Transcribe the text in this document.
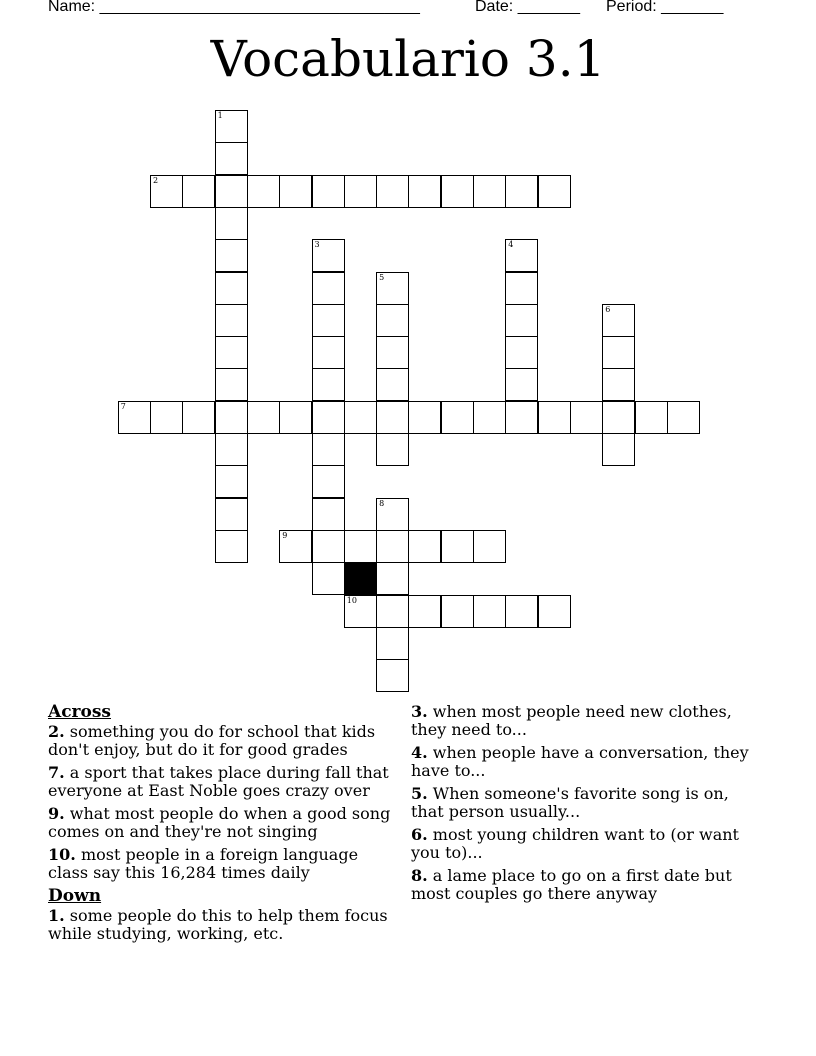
Name: ____________________________________	Date: _______ Period: _______
Vocabulario 3.1
1
2
3	4
5
6
7
8
9
10
Across
2. something you do for school that kids don't enjoy, but do it for good grades
7. a sport that takes place during fall that everyone at East Noble goes crazy over
9. what most people do when a good song comes on and they're not singing
10. most people in a foreign language class say this 16,284 times daily
Down
1. some people do this to help them focus while studying, working, etc.
3. when most people need new clothes, they need to...
4. when people have a conversation, they have to...
5. When someone's favorite song is on, that person usually...
6. most young children want to (or want you to)...
8. a lame place to go on a first date but most couples go there anyway
